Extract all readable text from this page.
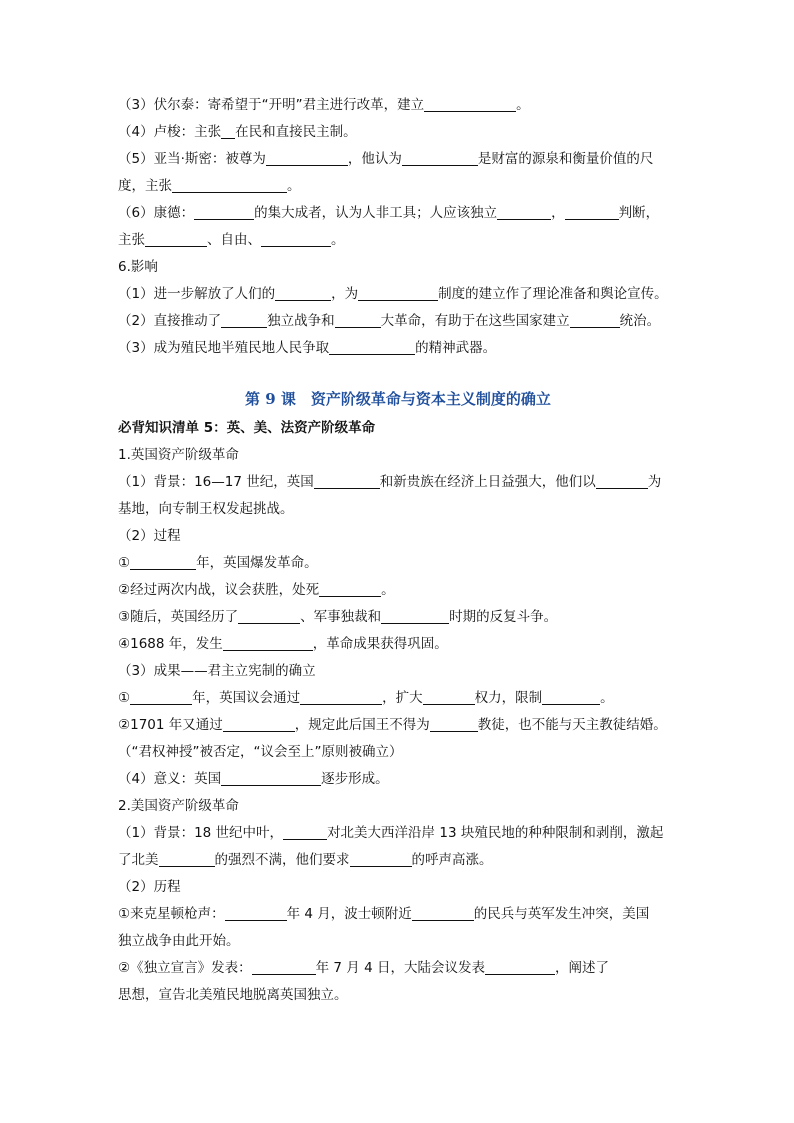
（3）伏尔泰：寄希望于“开明”君主进行改革，建立	。
（4）卢梭：主张 在民和直接民主制。
（5）亚当·斯密：被尊为	，他认为	是财富的源泉和衡量价值的尺
度，主张	。
（6）康德：	的集大成者，认为人非工具；人应该独立	，	判断，
主张	、自由、	。
6.影响
（1）进一步解放了人们的	，为	制度的建立作了理论准备和舆论宣传。
（2）直接推动了	独立战争和	大革命，有助于在这些国家建立	统治。
（3）成为殖民地半殖民地人民争取	的精神武器。
第 9 课　资产阶级革命与资本主义制度的确立
必背知识清单 5：英、美、法资产阶级革命
1.英国资产阶级革命
（1）背景：16—17 世纪，英国	和新贵族在经济上日益强大，他们以	为
基地，向专制王权发起挑战。
（2）过程
①	年，英国爆发革命。
②经过两次内战，议会获胜，处死	。
③随后，英国经历了	、军事独裁和	时期的反复斗争。
④1688 年，发生	，革命成果获得巩固。
（3）成果——君主立宪制的确立
①	年，英国议会通过	，扩大	权力，限制	。
②1701 年又通过	，规定此后国王不得为	教徒，也不能与天主教徒结婚。
（“君权神授”被否定，“议会至上”原则被确立）
（4）意义：英国	逐步形成。
2.美国资产阶级革命
（1）背景：18 世纪中叶，	对北美大西洋沿岸 13 块殖民地的种种限制和剥削，激起
了北美	的强烈不满，他们要求	的呼声高涨。
（2）历程
①来克星顿枪声：	年 4 月，波士顿附近	的民兵与英军发生冲突，美国
独立战争由此开始。
②《独立宣言》发表：	年 7 月 4 日，大陆会议发表	，阐述了
思想，宣告北美殖民地脱离英国独立。
